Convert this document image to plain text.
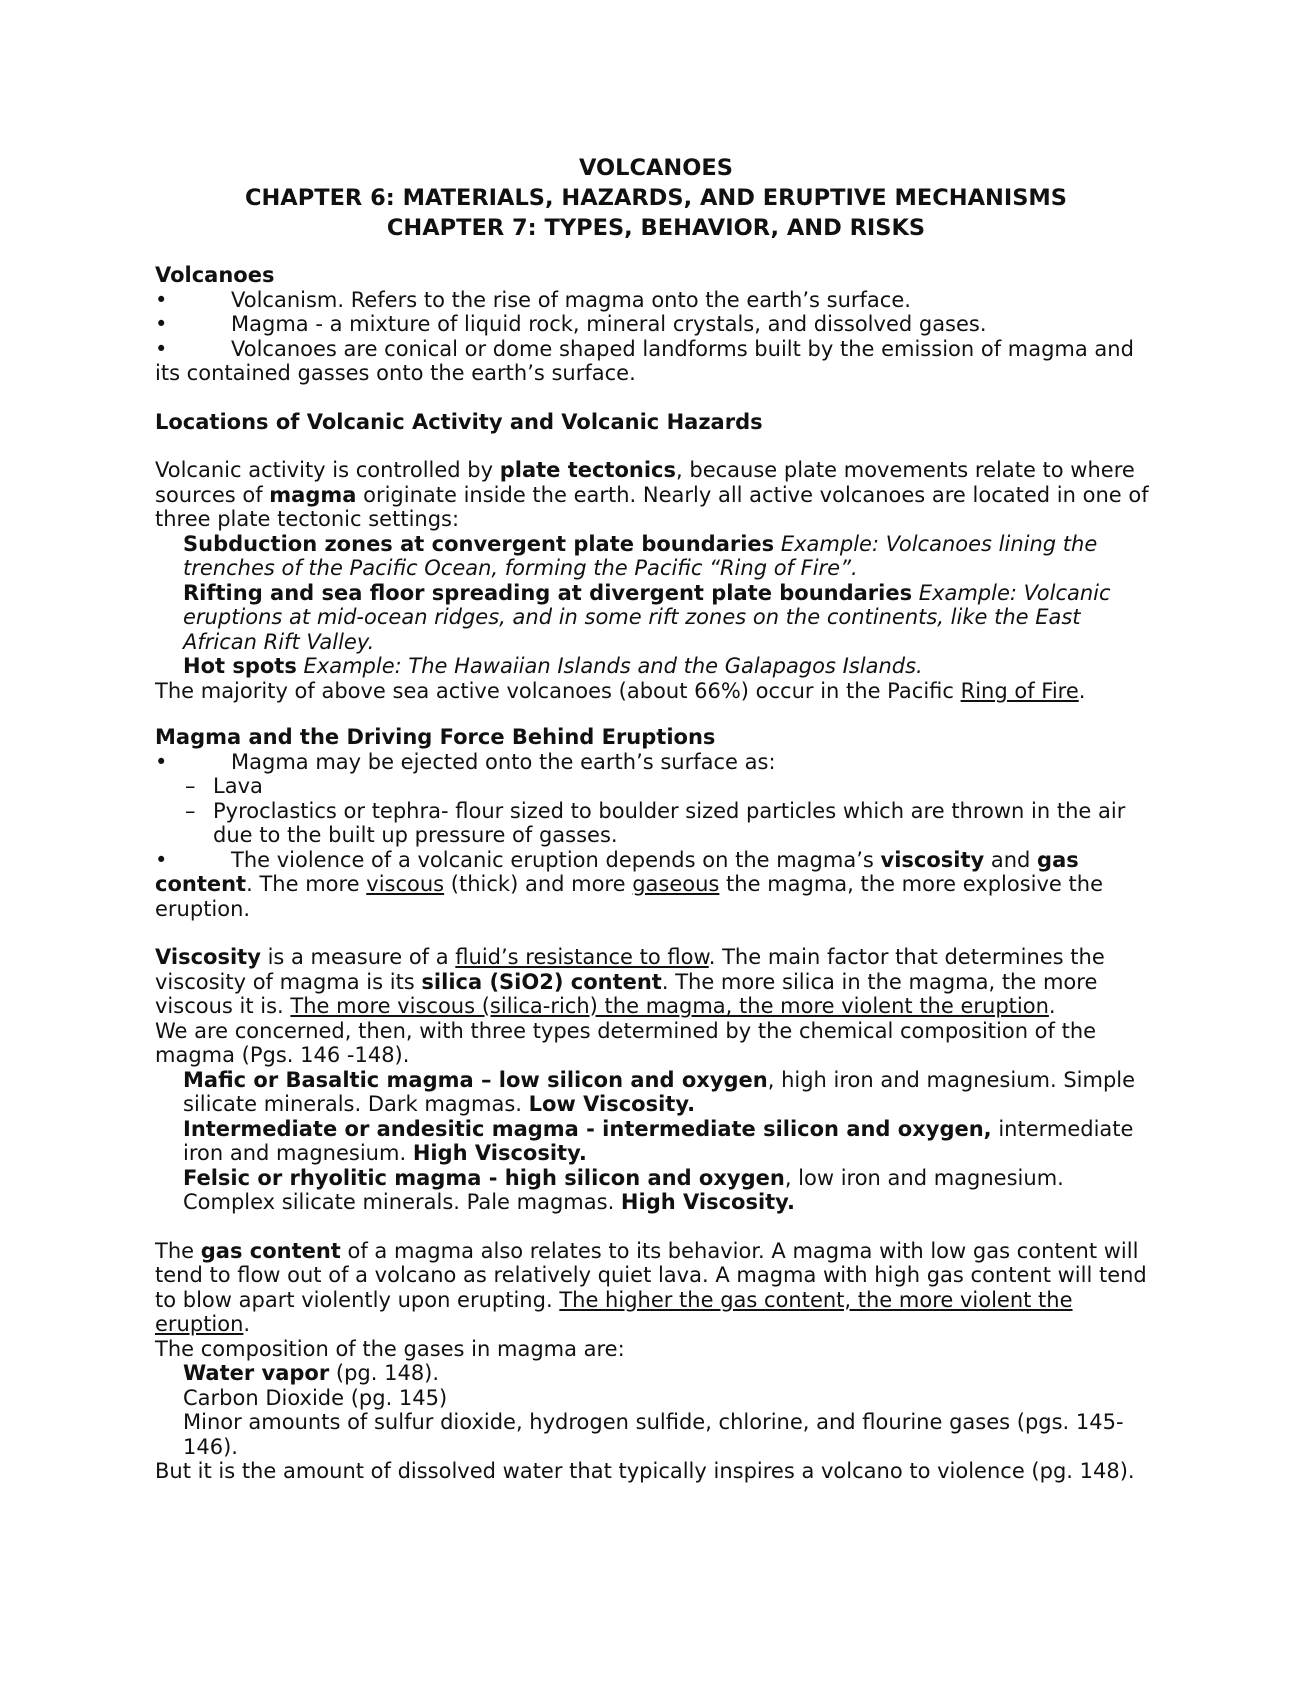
VOLCANOES
CHAPTER 6: MATERIALS, HAZARDS, AND ERUPTIVE MECHANISMS
CHAPTER 7: TYPES, BEHAVIOR, AND RISKS

Volcanoes

•	Volcanism. Refers to the rise of magma onto the earth’s surface.

•	Magma - a mixture of liquid rock, mineral crystals, and dissolved gases.

•	Volcanoes are conical or dome shaped landforms built by the emission of magma and
its contained gasses onto the earth’s surface.

Locations of Volcanic Activity and Volcanic Hazards

Volcanic activity is controlled by plate tectonics, because plate movements relate to where sources of magma originate inside the earth. Nearly all active volcanoes are located in one of three plate tectonic settings:

Subduction zones at convergent plate boundaries Example: Volcanoes lining the trenches of the Pacific Ocean, forming the Pacific “Ring of Fire”.

Rifting and sea floor spreading at divergent plate boundaries Example: Volcanic eruptions at mid-ocean ridges, and in some rift zones on the continents, like the East African Rift Valley.

Hot spots Example: The Hawaiian Islands and the Galapagos Islands.

The majority of above sea active volcanoes (about 66%) occur in the Pacific Ring of Fire.

Magma and the Driving Force Behind Eruptions

•	Magma may be ejected onto the earth’s surface as:

– Lava

– Pyroclastics or tephra- flour sized to boulder sized particles which are thrown in the air due to the built up pressure of gasses.

•	The violence of a volcanic eruption depends on the magma’s viscosity and gas
content. The more viscous (thick) and more gaseous the magma, the more explosive the eruption.

Viscosity is a measure of a fluid’s resistance to flow. The main factor that determines the viscosity of magma is its silica (SiO2) content. The more silica in the magma, the more viscous it is. The more viscous (silica-rich) the magma, the more violent the eruption.

We are concerned, then, with three types determined by the chemical composition of the magma (Pgs. 146 -148).

Mafic or Basaltic magma – low silicon and oxygen, high iron and magnesium. Simple silicate minerals. Dark magmas. Low Viscosity.

Intermediate or andesitic magma - intermediate silicon and oxygen, intermediate iron and magnesium. High Viscosity.

Felsic or rhyolitic magma - high silicon and oxygen, low iron and magnesium. Complex silicate minerals. Pale magmas. High Viscosity.

The gas content of a magma also relates to its behavior. A magma with low gas content will tend to flow out of a volcano as relatively quiet lava. A magma with high gas content will tend to blow apart violently upon erupting. The higher the gas content, the more violent the eruption.

The composition of the gases in magma are:

Water vapor (pg. 148).

Carbon Dioxide (pg. 145)

Minor amounts of sulfur dioxide, hydrogen sulfide, chlorine, and flourine gases (pgs. 145-146).

But it is the amount of dissolved water that typically inspires a volcano to violence (pg. 148).
